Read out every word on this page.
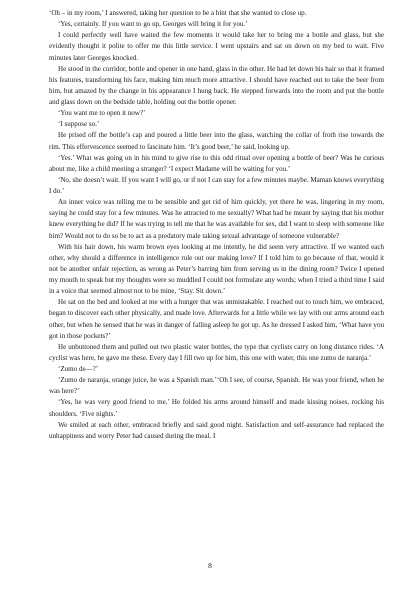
‘Oh – in my room,’ I answered, taking her question to be a hint that she wanted to close up.

‘Yes, certainly. If you want to go up, Georges will bring it for you.’

I could perfectly well have waited the few moments it would take her to bring me a bottle and glass, but she evidently thought it polite to offer me this little service. I went upstairs and sat on down on my bed to wait. Five minutes later Georges knocked.

He stood in the corridor, bottle and opener in one hand, glass in the other. He had let down his hair so that it framed his features, transforming his face, making him much more attractive. I should have reached out to take the beer from him, but amazed by the change in his appearance I hung back. He stepped forwards into the room and put the bottle and glass down on the bedside table, holding out the bottle opener.

‘You want me to open it now?’

‘I suppose so.’

He prised off the bottle’s cap and poured a little beer into the glass, watching the collar of froth rise towards the rim. This effervescence seemed to fascinate him. ‘It’s good beer,’ he said, looking up.

‘Yes.’ What was going on in his mind to give rise to this odd ritual over opening a bottle of beer? Was he curious about me, like a child meeting a stranger? ‘I expect Madame will be waiting for you.’

‘No, she doesn’t wait. If you want I will go, or if not I can stay for a few minutes maybe. Maman knows everything I do.’

An inner voice was telling me to be sensible and get rid of him quickly, yet there he was, lingering in my room, saying he could stay for a few minutes. Was he attracted to me sexually? What had he meant by saying that his mother knew everything he did? If he was trying to tell me that he was available for sex, did I want to sleep with someone like him? Would not to do so be to act as a predatory male taking sexual advantage of someone vulnerable?

With his hair down, his warm brown eyes looking at me intently, he did seem very attractive. If we wanted each other, why should a difference in intelligence rule out our making love? If I told him to go because of that, would it not be another unfair rejection, as wrong as Peter’s barring him from serving us in the dining room? Twice I opened my mouth to speak but my thoughts were so muddled I could not formulate any words; when I tried a third time I said in a voice that seemed almost not to be mine, ‘Stay. Sit down.’

He sat on the bed and looked at me with a hunger that was unmistakable. I reached out to touch him, we embraced, began to discover each other physically, and made love. Afterwards for a little while we lay with our arms around each other, but when he sensed that he was in danger of falling asleep he got up. As he dressed I asked him, ‘What have you got in those pockets?’

He unbuttoned them and pulled out two plastic water bottles, the type that cyclists carry on long distance rides. ‘A cyclist was here, he gave me these. Every day I fill two up for him, this one with water, this one zumo de naranja.’

‘Zumo de—?’

‘Zumo de naranja, orange juice, he was a Spanish man.’‘Oh I see, of course, Spanish. He was your friend, when he was here?’

‘Yes, he was very good friend to me.’ He folded his arms around himself and made kissing noises, rocking his shoulders. ‘Five nights.’

We smiled at each other, embraced briefly and said good night. Satisfaction and self-assurance had replaced the unhappiness and worry Peter had caused during the meal. I

8
